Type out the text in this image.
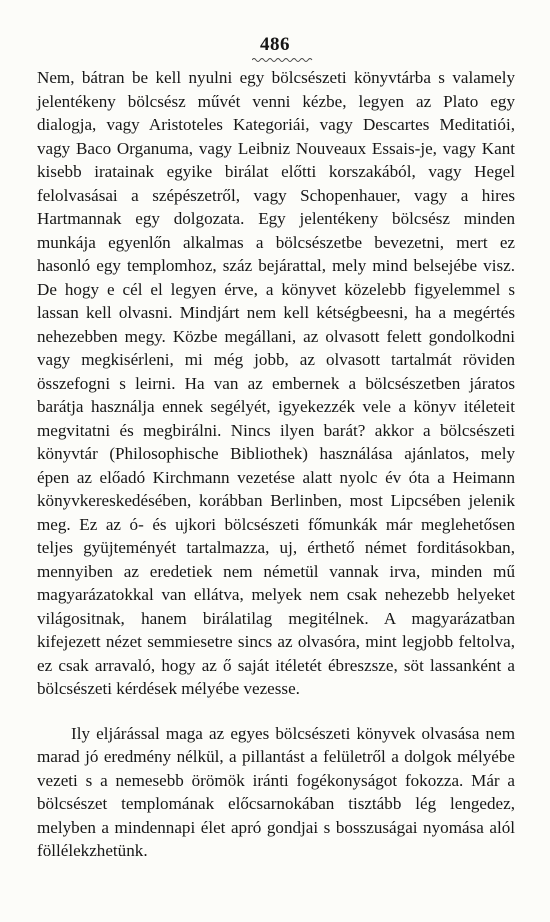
486

Nem, bátran be kell nyulni egy bölcsészeti könyvtárba s valamely jelentékeny bölcsész művét venni kézbe, legyen az Plato egy dialogja, vagy Aristoteles Kategoriái, vagy Descartes Meditatiói, vagy Baco Organuma, vagy Leibniz Nouveaux Essais-je, vagy Kant kisebb iratainak egyike birálat előtti korszakából, vagy Hegel felolvasásai a szépészetről, vagy Schopenhauer, vagy a hires Hartmannak egy dolgozata. Egy jelentékeny bölcsész minden munkája egyenlőn alkalmas a bölcsészetbe bevezetni, mert ez hasonló egy templomhoz, száz bejárattal, mely mind belsejébe visz. De hogy e cél el legyen érve, a könyvet közelebb figyelemmel s lassan kell olvasni. Mindjárt nem kell kétségbeesni, ha a megértés nehezebben megy. Közbe megállani, az olvasott felett gondolkodni vagy megkisérleni, mi még jobb, az olvasott tartalmát röviden összefogni s leirni. Ha van az embernek a bölcsészetben járatos barátja használja ennek segélyét, igyekezzék vele a könyv itéleteit megvitatni és megbirálni. Nincs ilyen barát? akkor a bölcsészeti könyvtár (Philosophische Bibliothek) használása ajánlatos, mely épen az előadó Kirchmann vezetése alatt nyolc év óta a Heimann könyvkereskedésében, korábban Berlinben, most Lipcsében jelenik meg. Ez az ó- és ujkori bölcsészeti főmunkák már meglehetősen teljes gyüjteményét tartalmazza, uj, érthető német forditásokban, mennyiben az eredetiek nem németül vannak irva, minden mű magyarázatokkal van ellátva, melyek nem csak nehezebb helyeket világositnak, hanem birálatilag megitélnek. A magyarázatban kifejezett nézet semmiesetre sincs az olvasóra, mint legjobb feltolva, ez csak arravaló, hogy az ő saját itéletét ébreszsze, söt lassanként a bölcsészeti kérdések mélyébe vezesse.

Ily eljárással maga az egyes bölcsészeti könyvek olvasása nem marad jó eredmény nélkül, a pillantást a felületről a dolgok mélyébe vezeti s a nemesebb örömök iránti fogékonyságot fokozza. Már a bölcsészet templomának előcsarnokában tisztább lég lengedez, melyben a mindennapi élet apró gondjai s bosszuságai nyomása alól föllélekzhetünk.
